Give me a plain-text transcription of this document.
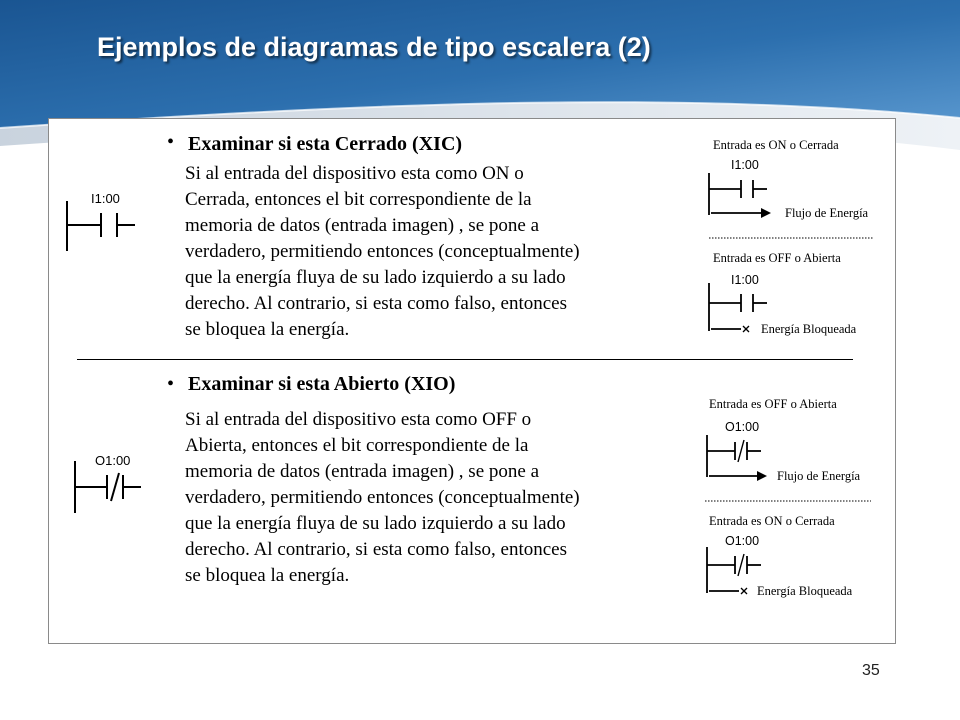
Ejemplos de diagramas de tipo escalera (2)
• Examinar si esta Cerrado (XIC)
Si al entrada del dispositivo esta como ON o
Cerrada, entonces el bit correspondiente de la
memoria de datos (entrada imagen) , se pone a
verdadero, permitiendo entonces (conceptualmente)
que la energía fluya de su lado izquierdo a su lado
derecho. Al contrario, si esta como falso, entonces
se bloquea la energía.
I1:00
Entrada es ON o Cerrada
I1:00
Flujo de Energía
Entrada es OFF o Abierta
I1:00
Energía Bloqueada
• Examinar si esta Abierto (XIO)
Si al entrada del dispositivo esta como OFF o
Abierta, entonces el bit correspondiente de la
memoria de datos (entrada imagen) , se pone a
verdadero, permitiendo entonces (conceptualmente)
que la energía fluya de su lado izquierdo a su lado
derecho. Al contrario, si esta como falso, entonces
se bloquea la energía.
O1:00
Entrada es OFF o Abierta
O1:00
Flujo de Energía
Entrada es ON o Cerrada
O1:00
Energía Bloqueada
35
